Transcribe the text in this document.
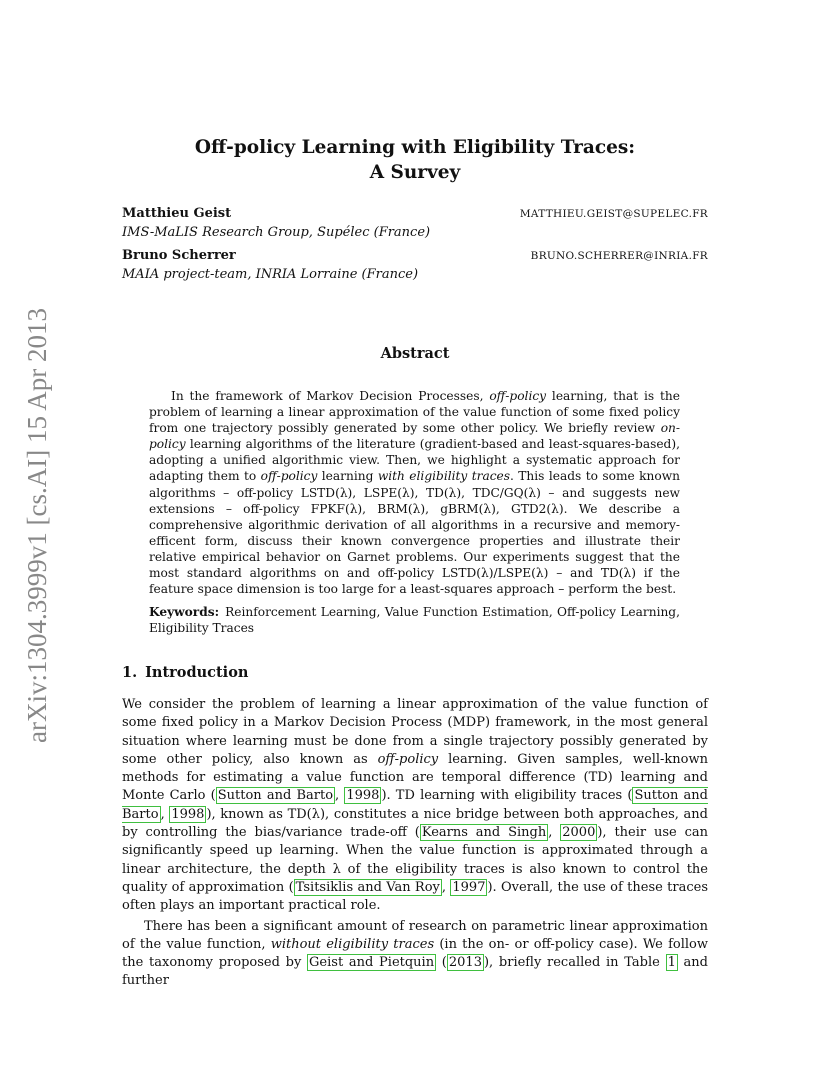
arXiv:1304.3999v1 [cs.AI] 15 Apr 2013
Off-policy Learning with Eligibility Traces:
A Survey
Matthieu Geist	MATTHIEU.GEIST@SUPELEC.FR
IMS-MaLIS Research Group, Supélec (France)
Bruno Scherrer	BRUNO.SCHERRER@INRIA.FR
MAIA project-team, INRIA Lorraine (France)
Abstract

In the framework of Markov Decision Processes, off-policy learning, that is the problem of learning a linear approximation of the value function of some fixed policy from one trajectory possibly generated by some other policy. We briefly review on-policy learning algorithms of the literature (gradient-based and least-squares-based), adopting a unified algorithmic view. Then, we highlight a systematic approach for adapting them to off-policy learning with eligibility traces. This leads to some known algorithms – off-policy LSTD(λ), LSPE(λ), TD(λ), TDC/GQ(λ) – and suggests new extensions – off-policy FPKF(λ), BRM(λ), gBRM(λ), GTD2(λ). We describe a comprehensive algorithmic derivation of all algorithms in a recursive and memory-efficent form, discuss their known convergence properties and illustrate their relative empirical behavior on Garnet problems. Our experiments suggest that the most standard algorithms on and off-policy LSTD(λ)/LSPE(λ) – and TD(λ) if the feature space dimension is too large for a least-squares approach – perform the best.

Keywords: Reinforcement Learning, Value Function Estimation, Off-policy Learning, Eligibility Traces
1. Introduction

We consider the problem of learning a linear approximation of the value function of some fixed policy in a Markov Decision Process (MDP) framework, in the most general situation where learning must be done from a single trajectory possibly generated by some other policy, also known as off-policy learning. Given samples, well-known methods for estimating a value function are temporal difference (TD) learning and Monte Carlo ( Sutton and Barto , 1998 ). TD learning with eligibility traces ( Sutton and Barto , 1998 ), known as TD(λ), constitutes a nice bridge between both approaches, and by controlling the bias/variance trade-off ( Kearns and Singh , 2000 ), their use can significantly speed up learning. When the value function is approximated through a linear architecture, the depth λ of the eligibility traces is also known to control the quality of approximation ( Tsitsiklis and Van Roy , 1997 ). Overall, the use of these traces often plays an important practical role.

There has been a significant amount of research on parametric linear approximation of the value function, without eligibility traces (in the on- or off-policy case). We follow the taxonomy proposed by Geist and Pietquin ( 2013 ), briefly recalled in Table 1 and further
